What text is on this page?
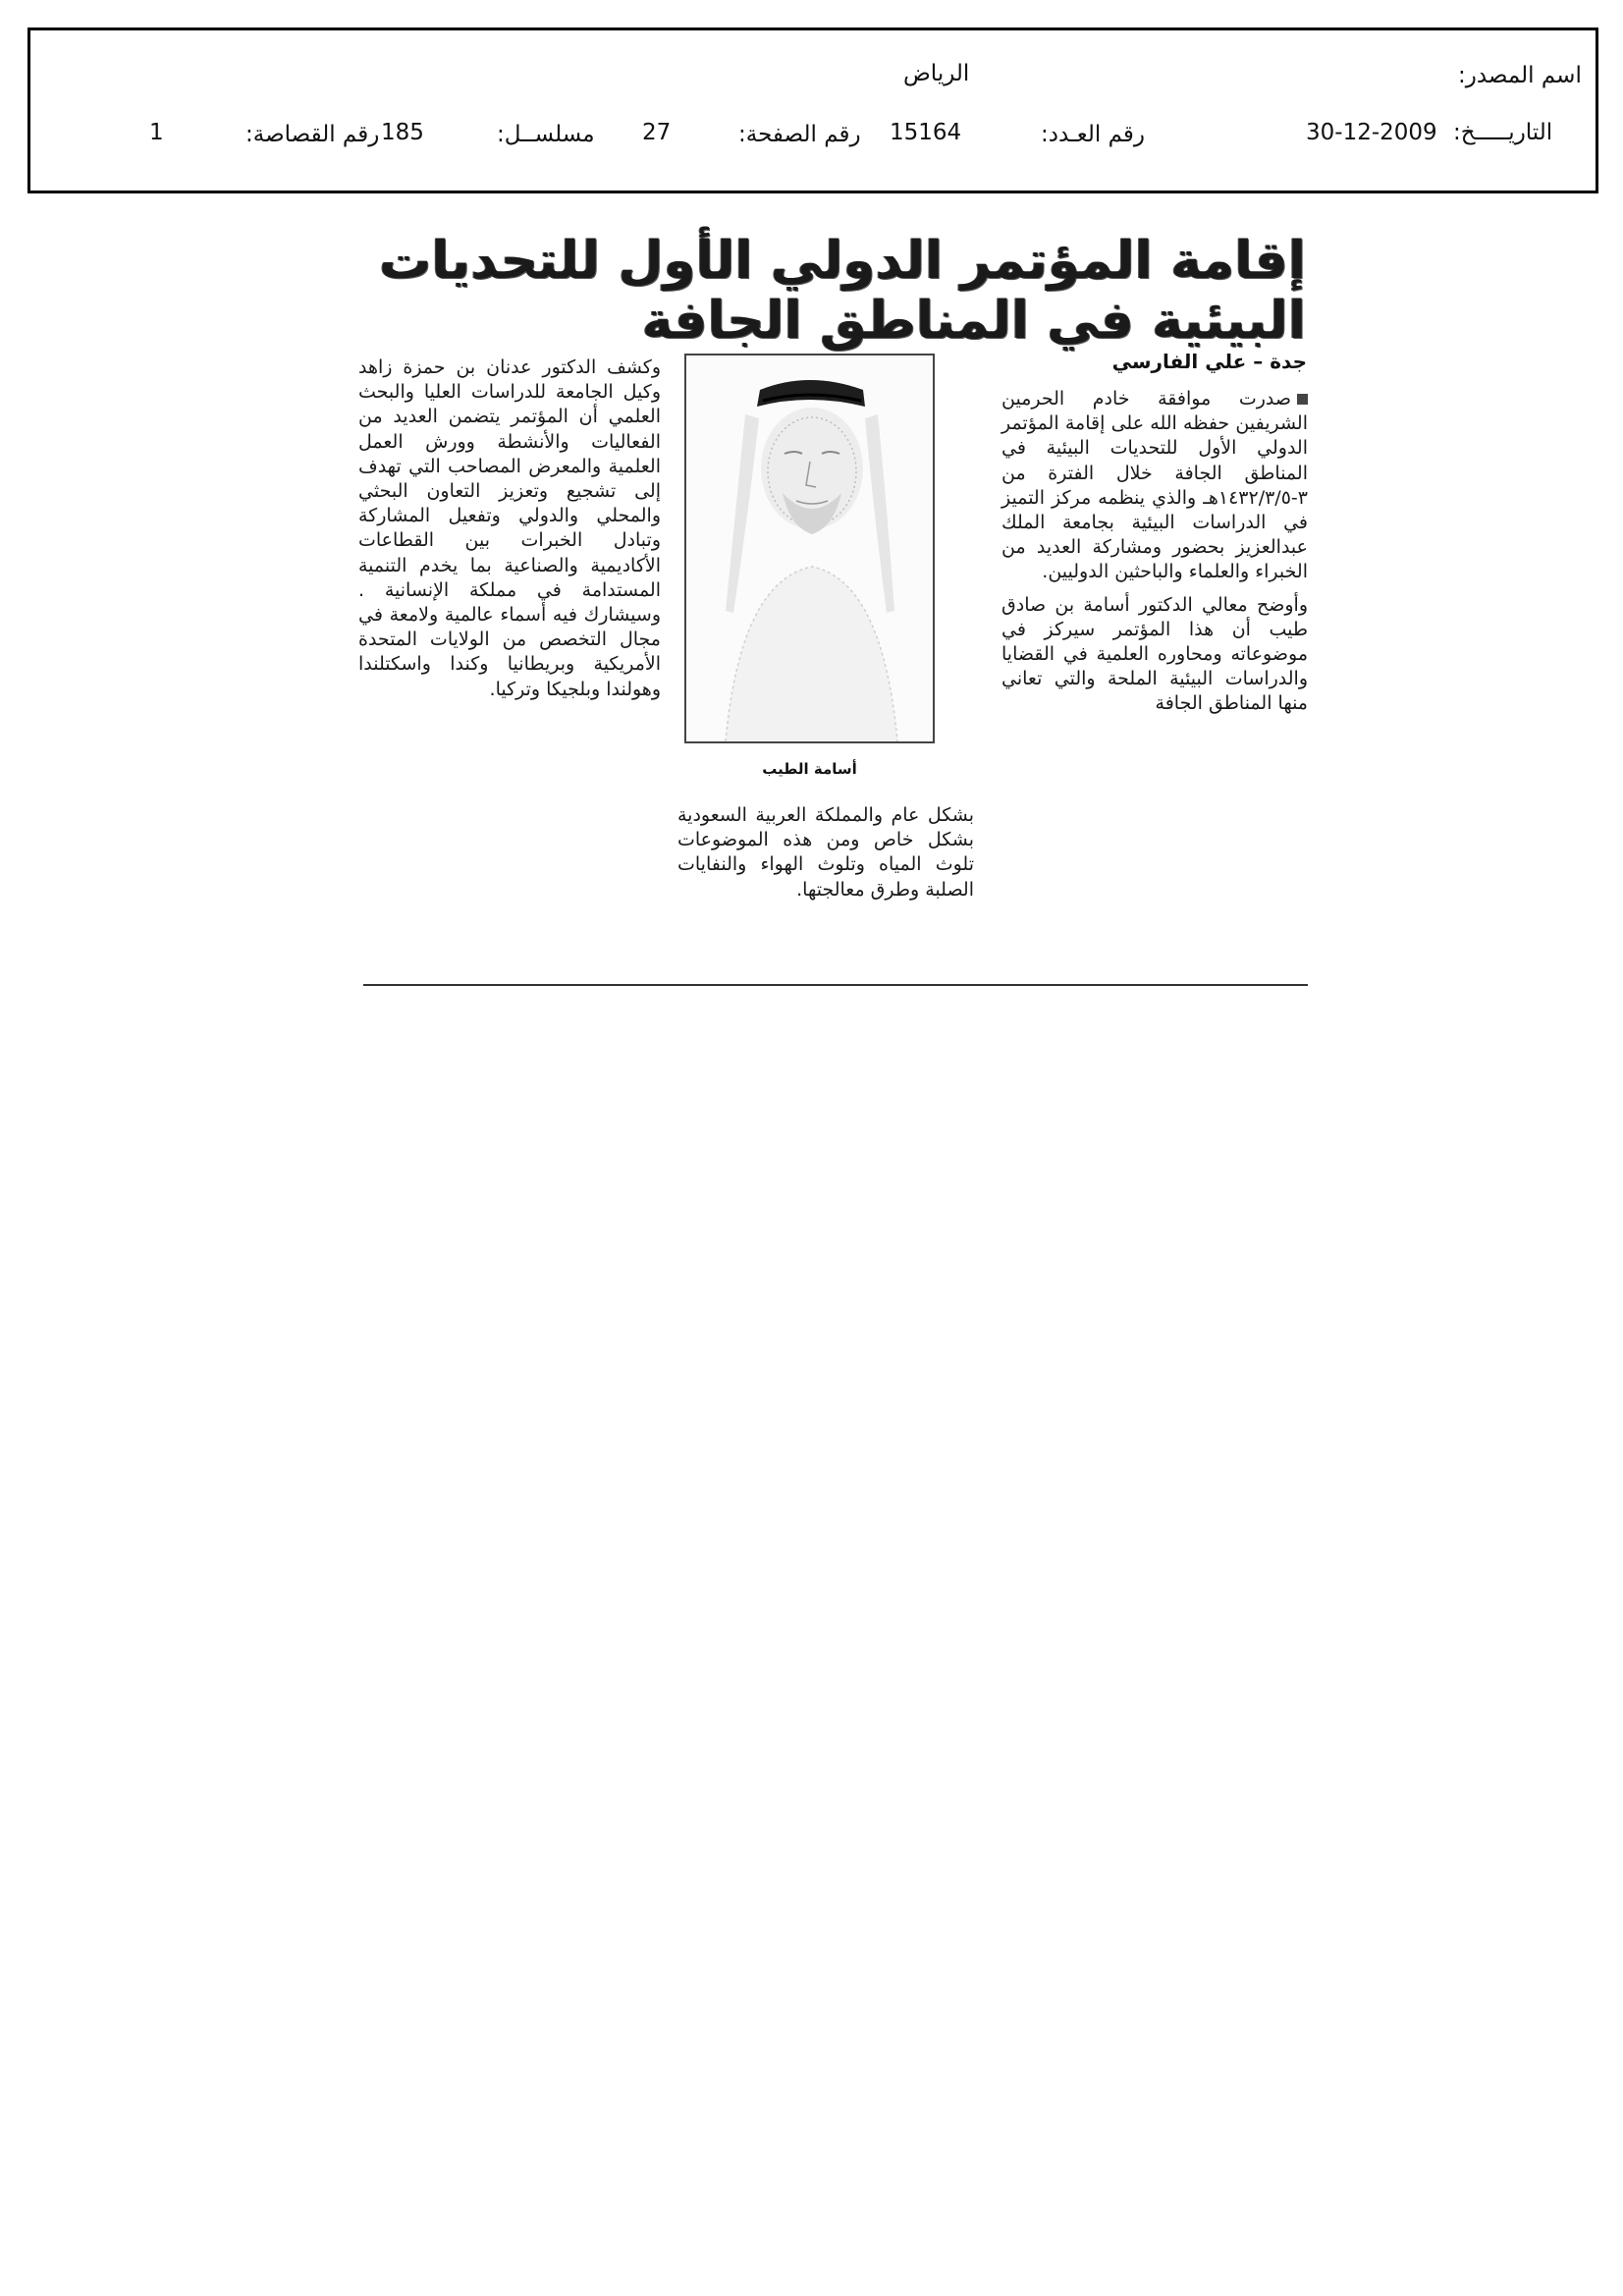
اسم المصدر:
الرياض
التاريـــــخ:
30-12-2009
رقم العـدد:
15164
رقم الصفحة:
27
مسلســل:
185
رقم القصاصة:
1
إقامة المؤتمر الدولي الأول للتحديات البيئية في المناطق الجافة
جدة – علي الفارسي

صدرت موافقة خادم الحرمين الشريفين حفظه الله على إقامة المؤتمر الدولي الأول للتحديات البيئية في المناطق الجافة خلال الفترة من ٣-١٤٣٢/٣/٥هـ والذي ينظمه مركز التميز في الدراسات البيئية بجامعة الملك عبدالعزيز بحضور ومشاركة العديد من الخبراء والعلماء والباحثين الدوليين.

وأوضح معالي الدكتور أسامة بن صادق طيب أن هذا المؤتمر سيركز في موضوعاته ومحاوره العلمية في القضايا والدراسات البيئية الملحة والتي تعاني منها المناطق الجافة

أسامة الطيب

بشكل عام والمملكة العربية السعودية بشكل خاص ومن هذه الموضوعات تلوث المياه وتلوث الهواء والنفايات الصلبة وطرق معالجتها.

وكشف الدكتور عدنان بن حمزة زاهد وكيل الجامعة للدراسات العليا والبحث العلمي أن المؤتمر يتضمن العديد من الفعاليات والأنشطة وورش العمل العلمية والمعرض المصاحب التي تهدف إلى تشجيع وتعزيز التعاون البحثي والمحلي والدولي وتفعيل المشاركة وتبادل الخبرات بين القطاعات الأكاديمية والصناعية بما يخدم التنمية المستدامة في مملكة الإنسانية . وسيشارك فيه أسماء عالمية ولامعة في مجال التخصص من الولايات المتحدة الأمريكية وبريطانيا وكندا واسكتلندا وهولندا وبلجيكا وتركيا.
